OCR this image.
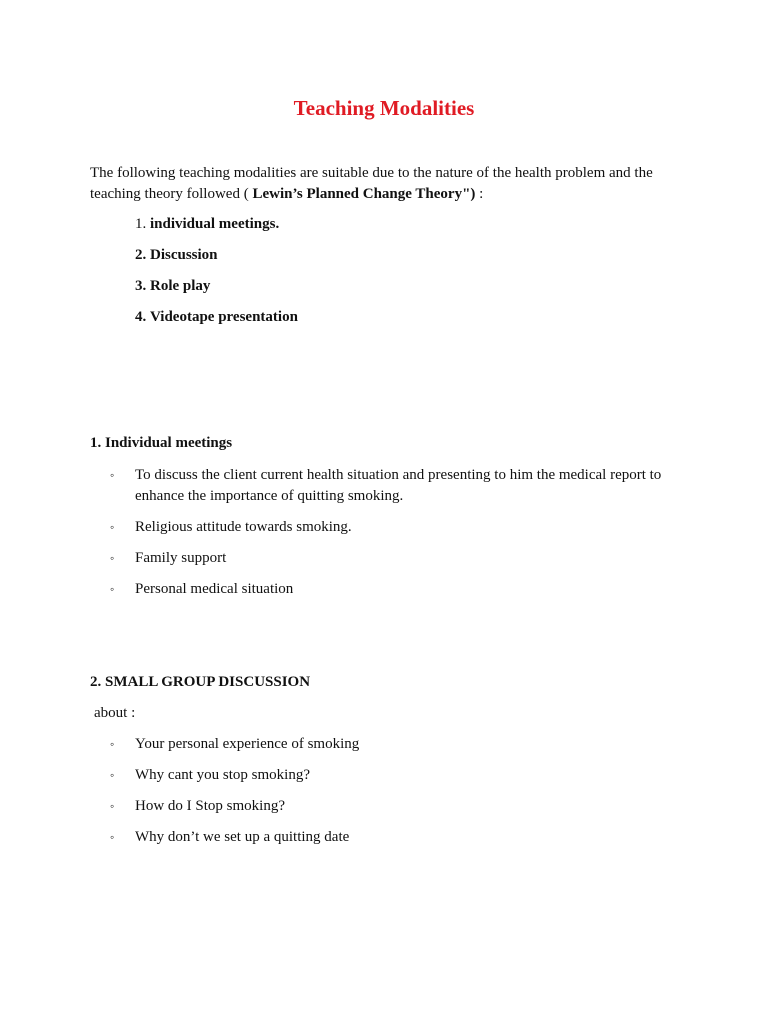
Teaching Modalities

The following teaching modalities are suitable due to the nature of the health problem and the teaching theory followed ( Lewin’s Planned Change Theory") :

1. individual meetings.
2. Discussion
3. Role play
4. Videotape presentation
1. Individual meetings
◦ To discuss the client current health situation and presenting to him the medical report to enhance the importance of quitting smoking.
◦ Religious attitude towards smoking.
◦ Family support
◦ Personal medical situation
2. SMALL GROUP DISCUSSION

about :

◦ Your personal experience of smoking
◦ Why cant you stop smoking?
◦ How do I Stop smoking?
◦ Why don’t we set up a quitting date
